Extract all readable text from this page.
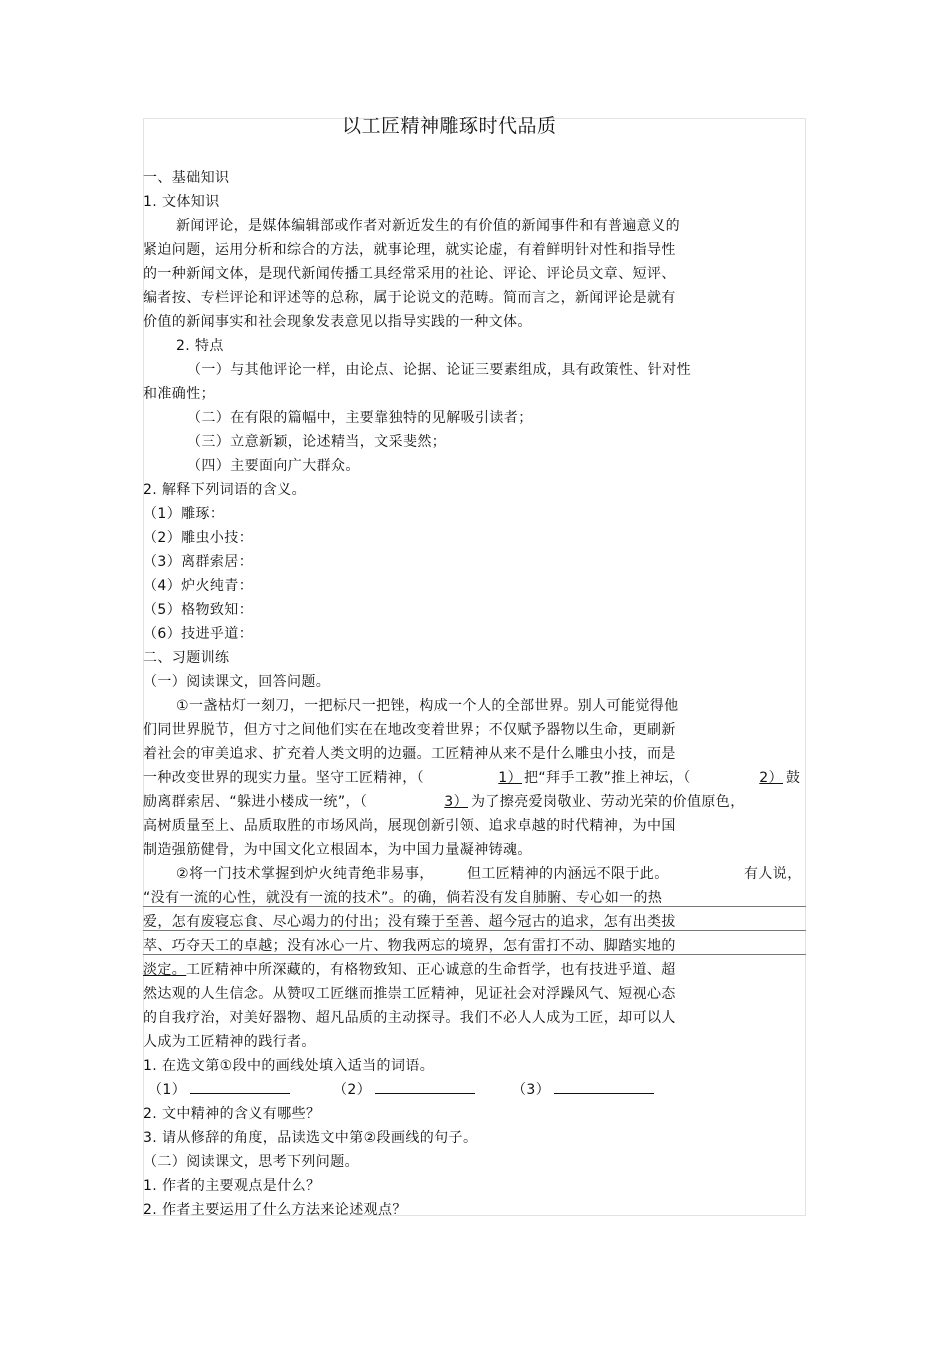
以工匠精神雕琢时代品质
一、基础知识
1. 文体知识
新闻评论，是媒体编辑部或作者对新近发生的有价值的新闻事件和有普遍意义的
紧迫问题，运用分析和综合的方法，就事论理，就实论虚，有着鲜明针对性和指导性
的一种新闻文体，是现代新闻传播工具经常采用的社论、评论、评论员文章、短评、
编者按、专栏评论和评述等的总称，属于论说文的范畴。简而言之，新闻评论是就有
价值的新闻事实和社会现象发表意见以指导实践的一种文体。
2. 特点
（一）与其他评论一样，由论点、论据、论证三要素组成，具有政策性、针对性
和准确性；
（二）在有限的篇幅中，主要靠独特的见解吸引读者；
（三）立意新颖，论述精当，文采斐然；
（四）主要面向广大群众。
2. 解释下列词语的含义。
（1）雕琢：
（2）雕虫小技：
（3）离群索居：
（4）炉火纯青：
（5）格物致知：
（6）技进乎道：
二、习题训练
（一）阅读课文，回答问题。
①一盏枯灯一刻刀，一把标尺一把锉，构成一个人的全部世界。别人可能觉得他
们同世界脱节，但方寸之间他们实在在地改变着世界；不仅赋予器物以生命，更刷新
着社会的审美追求、扩充着人类文明的边疆。工匠精神从来不是什么雕虫小技，而是
一种改变世界的现实力量。坚守工匠精神，（	1） 把“拜手工教”推上神坛，（	2） 鼓
励离群索居、“躲进小楼成一统”，（	3） 为了擦亮爱岗敬业、劳动光荣的价值原色，
高树质量至上、品质取胜的市场风尚，展现创新引领、追求卓越的时代精神，为中国
制造强筋健骨，为中国文化立根固本，为中国力量凝神铸魂。
②将一门技术掌握到炉火纯青绝非易事， 但工匠精神的内涵远不限于此。	有人说，
“没有一流的心性，就没有一流的技术”。的确，倘若没有发自肺腑、专心如一的热
爱，怎有废寝忘食、尽心竭力的付出；没有臻于至善、超今冠古的追求，怎有出类拔
萃、巧夺天工的卓越；没有冰心一片、物我两忘的境界，怎有雷打不动、脚踏实地的
淡定。 工匠精神中所深藏的，有格物致知、正心诚意的生命哲学，也有技进乎道、超
然达观的人生信念。从赞叹工匠继而推崇工匠精神，见证社会对浮躁风气、短视心态
的自我疗治，对美好器物、超凡品质的主动探寻。我们不必人人成为工匠，却可以人
人成为工匠精神的践行者。
1. 在选文第①段中的画线处填入适当的词语。
（1）	（2）	（3）
2. 文中精神的含义有哪些？
3. 请从修辞的角度，品读选文中第②段画线的句子。
（二）阅读课文，思考下列问题。
1. 作者的主要观点是什么？
2. 作者主要运用了什么方法来论述观点？
